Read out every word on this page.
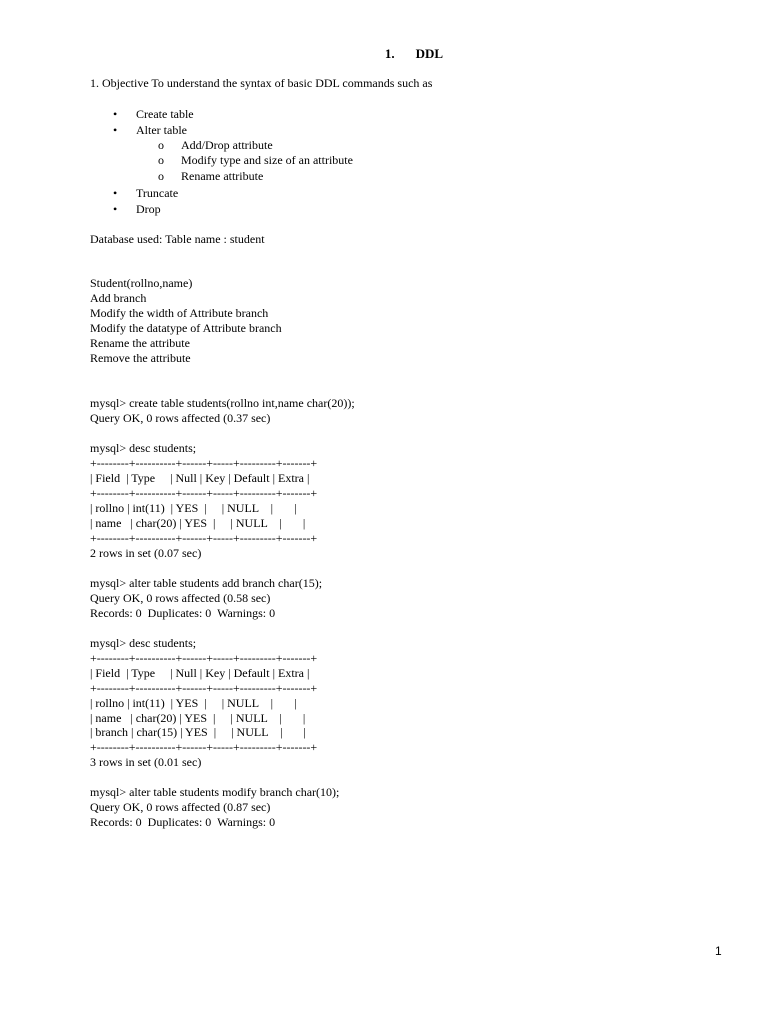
1. DDL
1. Objective To understand the syntax of basic DDL commands such as
• Create table
• Alter table
o Add/Drop attribute
o Modify type and size of an attribute
o Rename attribute
• Truncate
• Drop
Database used: Table name : student
Student(rollno,name)
Add branch
Modify the width of Attribute branch
Modify the datatype of Attribute branch
Rename the attribute
Remove the attribute
mysql> create table students(rollno int,name char(20));
Query OK, 0 rows affected (0.37 sec)
mysql> desc students;
+--------+----------+------+-----+---------+-------+
| Field  | Type     | Null | Key | Default | Extra |
+--------+----------+------+-----+---------+-------+
| rollno | int(11)  | YES  |     | NULL    |       |
| name   | char(20) | YES  |     | NULL    |       |
+--------+----------+------+-----+---------+-------+
2 rows in set (0.07 sec)
mysql> alter table students add branch char(15);
Query OK, 0 rows affected (0.58 sec)
Records: 0  Duplicates: 0  Warnings: 0
mysql> desc students;
+--------+----------+------+-----+---------+-------+
| Field  | Type     | Null | Key | Default | Extra |
+--------+----------+------+-----+---------+-------+
| rollno | int(11)  | YES  |     | NULL    |       |
| name   | char(20) | YES  |     | NULL    |       |
| branch | char(15) | YES  |     | NULL    |       |
+--------+----------+------+-----+---------+-------+
3 rows in set (0.01 sec)
mysql> alter table students modify branch char(10);
Query OK, 0 rows affected (0.87 sec)
Records: 0  Duplicates: 0  Warnings: 0
1
